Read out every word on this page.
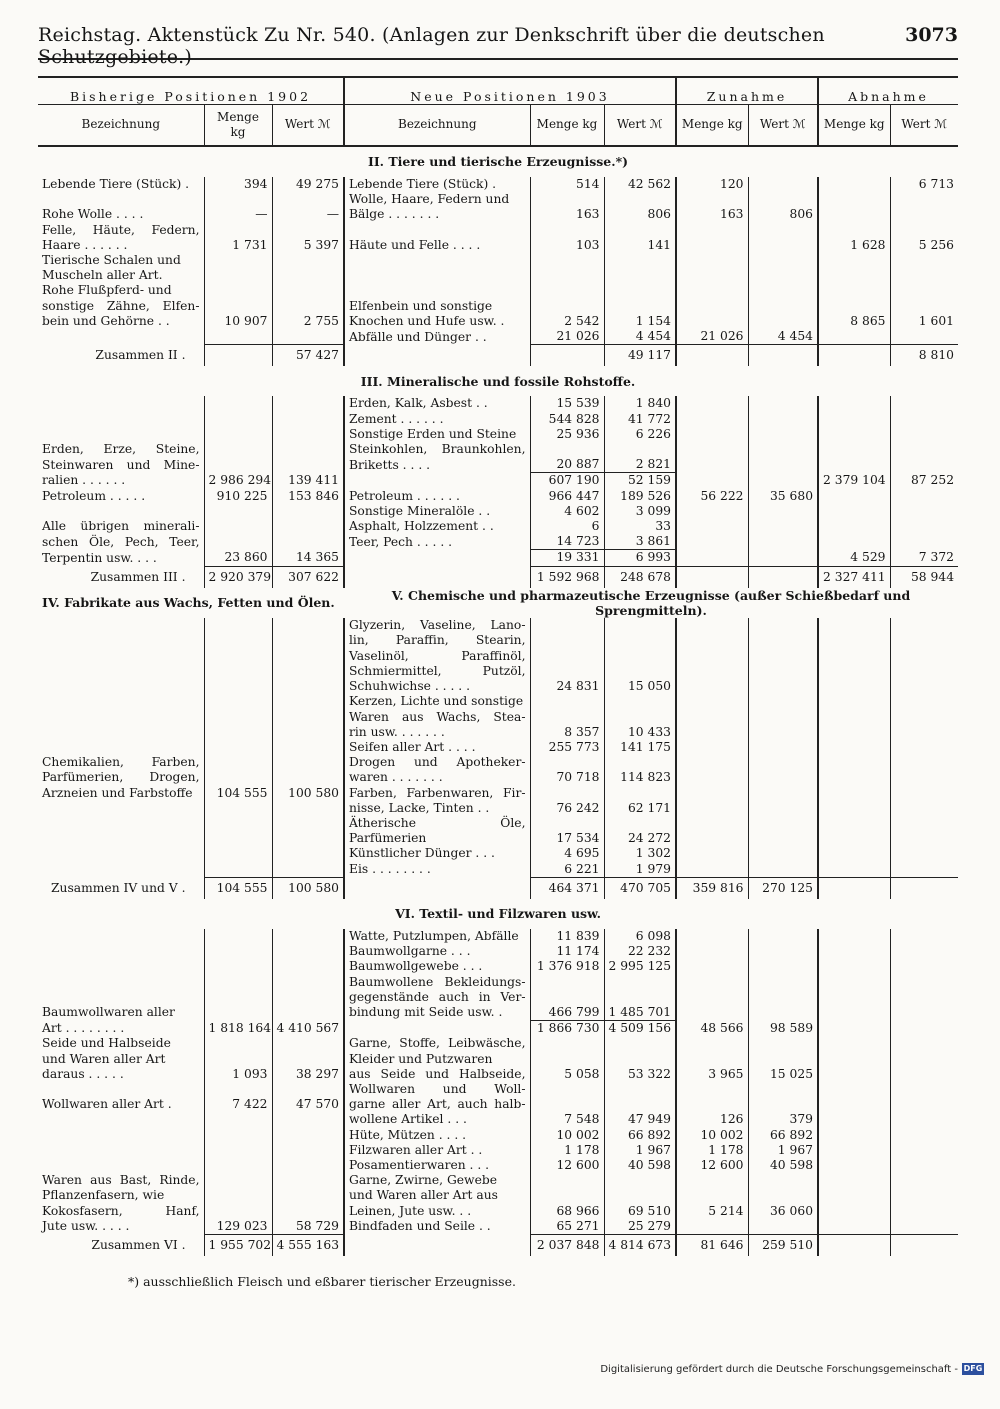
Reichstag. Aktenstück Zu Nr. 540. (Anlagen zur Denkschrift über die deutschen Schutzgebiete.)
3073
Bisherige Positionen 1902			Neue Positionen 1903			Zunahme		Abnahme	
Bezeichnung	Menge kg	Wert ℳ	Bezeichnung	Menge kg	Wert ℳ	Menge kg	Wert ℳ	Menge kg	Wert ℳ
II. Tiere und tierische Erzeugnisse.*)									
Lebende Tiere (Stück) .	394	49 275	Lebende Tiere (Stück) .	514	42 562	120			6 713
			Wolle, Haare, Federn und						
Rohe Wolle . . . .	—	—	Bälge . . . . . . .	163	806	163	806		
Felle, Häute, Federn,									
Haare . . . . . .	1 731	5 397	Häute und Felle . . . .	103	141			1 628	5 256
Tierische Schalen und									
Muscheln aller Art.									
Rohe Flußpferd- und									
sonstige Zähne, Elfen-			Elfenbein und sonstige						
bein und Gehörne . .	10 907	2 755	Knochen und Hufe usw. .	2 542	1 154			8 865	1 601
			Abfälle und Dünger . .	21 026	4 454	21 026	4 454		
Zusammen II .		57 427			49 117				8 810
III. Mineralische und fossile Rohstoffe.									
			Erden, Kalk, Asbest . .	15 539	1 840				
			Zement . . . . . .	544 828	41 772				
			Sonstige Erden und Steine	25 936	6 226				
Erden, Erze, Steine,			Steinkohlen, Braunkohlen,						
Steinwaren und Mine-			Briketts . . . .	20 887	2 821				
ralien . . . . . .	2 986 294	139 411		607 190	52 159			2 379 104	87 252
Petroleum . . . . .	910 225	153 846	Petroleum . . . . . .	966 447	189 526	56 222	35 680		
			Sonstige Mineralöle . .	4 602	3 099				
Alle übrigen minerali-			Asphalt, Holzzement . .	6	33				
schen Öle, Pech, Teer,			Teer, Pech . . . . .	14 723	3 861				
Terpentin usw. . . .	23 860	14 365		19 331	6 993			4 529	7 372
Zusammen III .	2 920 379	307 622		1 592 968	248 678			2 327 411	58 944
IV. Fabrikate aus Wachs, Fetten und Ölen.			V. Chemische und pharmazeutische Erzeugnisse (außer Schießbedarf und Sprengmitteln).						
			Glyzerin, Vaseline, Lano-						
			lin, Paraffin, Stearin,						
			Vaselinöl, Paraffinöl,						
			Schmiermittel, Putzöl,						
			Schuhwichse . . . . .	24 831	15 050				
			Kerzen, Lichte und sonstige						
			Waren aus Wachs, Stea-						
			rin usw. . . . . . .	8 357	10 433				
			Seifen aller Art . . . .	255 773	141 175				
Chemikalien, Farben,			Drogen und Apotheker-						
Parfümerien, Drogen,			waren . . . . . . .	70 718	114 823				
Arzneien und Farbstoffe	104 555	100 580	Farben, Farbenwaren, Fir-						
			nisse, Lacke, Tinten . .	76 242	62 171				
			Ätherische Öle, Parfümerien	17 534	24 272				
			Künstlicher Dünger . . .	4 695	1 302				
			Eis . . . . . . . .	6 221	1 979				
Zusammen IV und V .	104 555	100 580		464 371	470 705	359 816	270 125		
VI. Textil- und Filzwaren usw.									
			Watte, Putzlumpen, Abfälle	11 839	6 098				
			Baumwollgarne . . .	11 174	22 232				
			Baumwollgewebe . . .	1 376 918	2 995 125				
			Baumwollene Bekleidungs-						
			gegenstände auch in Ver-						
Baumwollwaren aller			bindung mit Seide usw. .	466 799	1 485 701				
Art . . . . . . . .	1 818 164	4 410 567		1 866 730	4 509 156	48 566	98 589		

Seide und Halbseide			Garne, Stoffe, Leibwäsche,						
und Waren aller Art			Kleider und Putzwaren						
daraus . . . . .	1 093	38 297	aus Seide und Halbseide,	5 058	53 322	3 965	15 025		
			Wollwaren und Woll-						
Wollwaren aller Art .	7 422	47 570	garne aller Art, auch halb-						
			wollene Artikel . . .	7 548	47 949	126	379		
			Hüte, Mützen . . . .	10 002	66 892	10 002	66 892		
			Filzwaren aller Art . .	1 178	1 967	1 178	1 967		
			Posamentierwaren . . .	12 600	40 598	12 600	40 598		
Waren aus Bast, Rinde,			Garne, Zwirne, Gewebe						
Pflanzenfasern, wie			und Waren aller Art aus						
Kokosfasern, Hanf,			Leinen, Jute usw. . .	68 966	69 510	5 214	36 060		
Jute usw. . . . .	129 023	58 729	Bindfaden und Seile . .	65 271	25 279				
Zusammen VI .	1 955 702	4 555 163		2 037 848	4 814 673	81 646	259 510		
*) ausschließlich Fleisch und eßbarer tierischer Erzeugnisse.
Digitalisierung gefördert durch die Deutsche Forschungsgemeinschaft - DFG
